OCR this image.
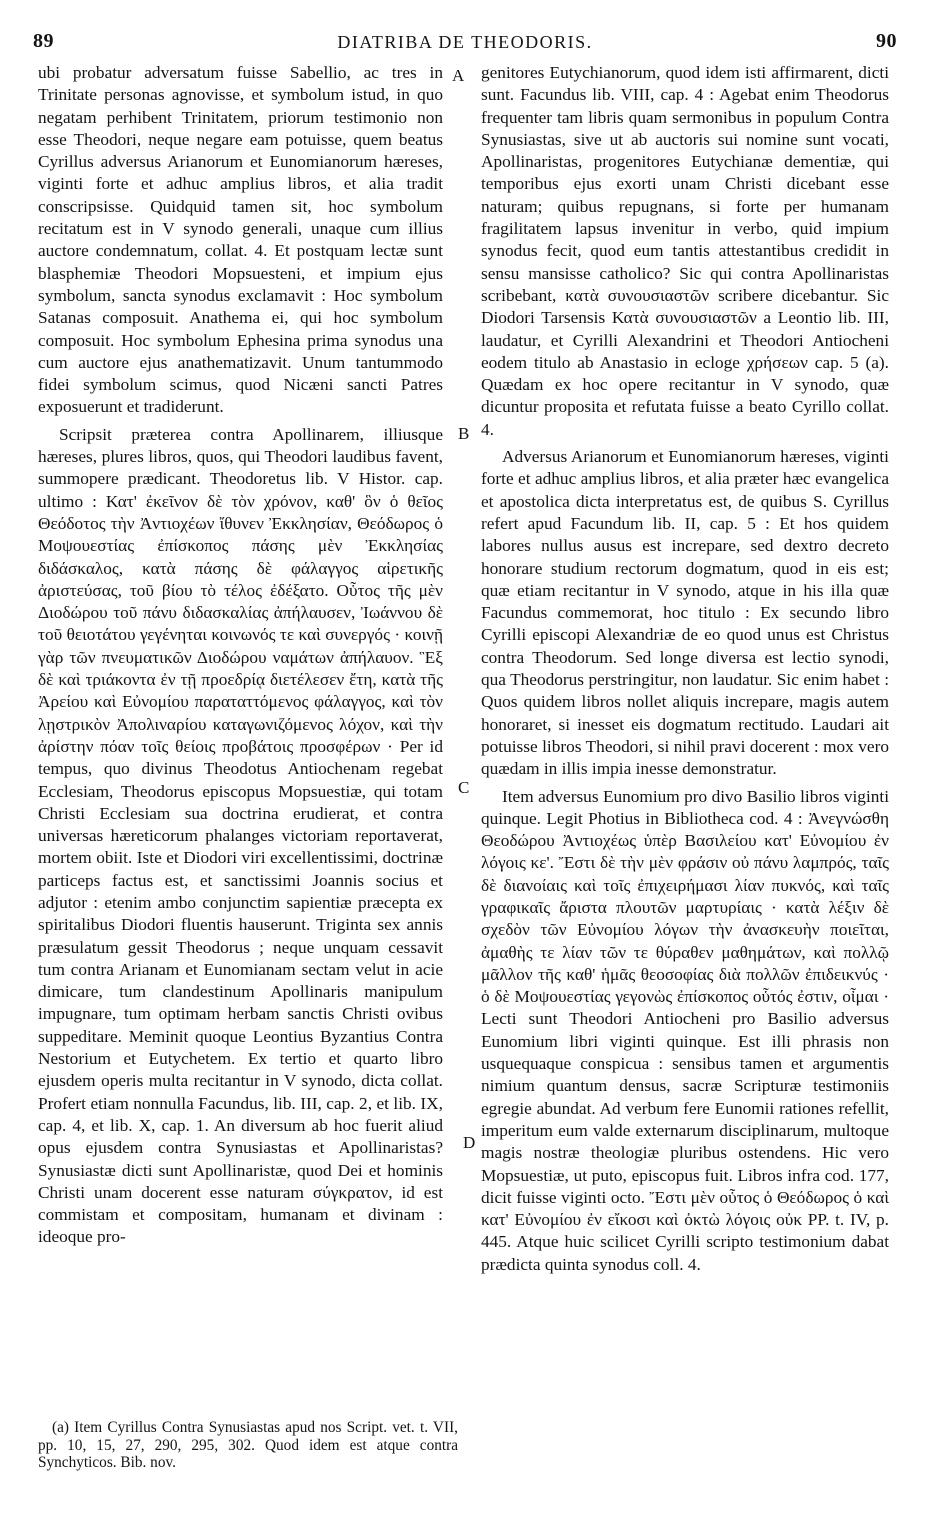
89	DIATRIBA DE THEODORIS.	90

ubi probatur adversatum fuisse Sabellio, ac tres in Trinitate personas agnovisse, et symbolum istud, in quo negatam perhibent Trinitatem, priorum testimonio non esse Theodori, neque negare eam potuisse, quem beatus Cyrillus adversus Arianorum et Eunomianorum hæreses, viginti forte et adhuc amplius libros, et alia tradit conscripsisse. Quidquid tamen sit, hoc symbolum recitatum est in V synodo generali, unaque cum illius auctore condemnatum, collat. 4. Et postquam lectæ sunt blasphemiæ Theodori Mopsuesteni, et impium ejus symbolum, sancta synodus exclamavit : Hoc symbolum Satanas composuit. Anathema ei, qui hoc symbolum composuit. Hoc symbolum Ephesina prima synodus una cum auctore ejus anathematizavit. Unum tantummodo fidei symbolum scimus, quod Nicæni sancti Patres exposuerunt et tradiderunt.

Scripsit præterea contra Apollinarem, illiusque hæreses, plures libros, quos, qui Theodori laudibus favent, summopere prædicant. Theodoretus lib. V Histor. cap. ultimo : Κατ' ἐκεῖνον δὲ τὸν χρόνον, καθ' ὃν ὁ θεῖος Θεόδοτος τὴν Ἀντιοχέων ἴθυνεν Ἐκκλησίαν, Θεόδωρος ὁ Μοψουεστίας ἐπίσκοπος πάσης μὲν Ἐκκλησίας διδάσκαλος, κατὰ πάσης δὲ φάλαγγος αἱρετικῆς ἀριστεύσας, τοῦ βίου τὸ τέλος ἐδέξατο. Οὗτος τῆς μὲν Διοδώρου τοῦ πάνυ διδασκαλίας ἀπήλαυσεν, Ἰωάννου δὲ τοῦ θειοτάτου γεγένηται κοινωνός τε καὶ συνεργός · κοινῇ γὰρ τῶν πνευματικῶν Διοδώρου ναμάτων ἀπήλαυον. Ἓξ δὲ καὶ τριάκοντα ἐν τῇ προεδρίᾳ διετέλεσεν ἔτη, κατὰ τῆς Ἀρείου καὶ Εὐνομίου παραταττόμενος φάλαγγος, καὶ τὸν λῃστρικὸν Ἀπολιναρίου καταγωνιζόμενος λόχον, καὶ τὴν ἀρίστην πόαν τοῖς θείοις προβάτοις προσφέρων · Per id tempus, quo divinus Theodotus Antiochenam regebat Ecclesiam, Theodorus episcopus Mopsuestiæ, qui totam Christi Ecclesiam sua doctrina erudierat, et contra universas hæreticorum phalanges victoriam reportaverat, mortem obiit. Iste et Diodori viri excellentissimi, doctrinæ particeps factus est, et sanctissimi Joannis socius et adjutor : etenim ambo conjunctim sapientiæ præcepta ex spiritalibus Diodori fluentis hauserunt. Triginta sex annis præsulatum gessit Theodorus ; neque unquam cessavit tum contra Arianam et Eunomianam sectam velut in acie dimicare, tum clandestinum Apollinaris manipulum impugnare, tum optimam herbam sanctis Christi ovibus suppeditare. Meminit quoque Leontius Byzantius Contra Nestorium et Eutychetem. Ex tertio et quarto libro ejusdem operis multa recitantur in V synodo, dicta collat. Profert etiam nonnulla Facundus, lib. III, cap. 2, et lib. IX, cap. 4, et lib. X, cap. 1. An diversum ab hoc fuerit aliud opus ejusdem contra Synusiastas et Apollinaristas? Synusiastæ dicti sunt Apollinaristæ, quod Dei et hominis Christi unam docerent esse naturam σύγκρατον, id est commistam et compositam, humanam et divinam : ideoque pro-

A
B
C
D

genitores Eutychianorum, quod idem isti affirmarent, dicti sunt. Facundus lib. VIII, cap. 4 : Agebat enim Theodorus frequenter tam libris quam sermonibus in populum Contra Synusiastas, sive ut ab auctoris sui nomine sunt vocati, Apollinaristas, progenitores Eutychianæ dementiæ, qui temporibus ejus exorti unam Christi dicebant esse naturam; quibus repugnans, si forte per humanam fragilitatem lapsus invenitur in verbo, quid impium synodus fecit, quod eum tantis attestantibus credidit in sensu mansisse catholico? Sic qui contra Apollinaristas scribebant, κατὰ συνουσιαστῶν scribere dicebantur. Sic Diodori Tarsensis Κατὰ συνουσιαστῶν a Leontio lib. III, laudatur, et Cyrilli Alexandrini et Theodori Antiocheni eodem titulo ab Anastasio in ecloge χρήσεων cap. 5 (a). Quædam ex hoc opere recitantur in V synodo, quæ dicuntur proposita et refutata fuisse a beato Cyrillo collat. 4.

Adversus Arianorum et Eunomianorum hæreses, viginti forte et adhuc amplius libros, et alia præter hæc evangelica et apostolica dicta interpretatus est, de quibus S. Cyrillus refert apud Facundum lib. II, cap. 5 : Et hos quidem labores nullus ausus est increpare, sed dextro decreto honorare studium rectorum dogmatum, quod in eis est; quæ etiam recitantur in V synodo, atque in his illa quæ Facundus commemorat, hoc titulo : Ex secundo libro Cyrilli episcopi Alexandriæ de eo quod unus est Christus contra Theodorum. Sed longe diversa est lectio synodi, qua Theodorus perstringitur, non laudatur. Sic enim habet : Quos quidem libros nollet aliquis increpare, magis autem honoraret, si inesset eis dogmatum rectitudo. Laudari ait potuisse libros Theodori, si nihil pravi docerent : mox vero quædam in illis impia inesse demonstratur.

Item adversus Eunomium pro divo Basilio libros viginti quinque. Legit Photius in Bibliotheca cod. 4 : Ἀνεγνώσθη Θεοδώρου Ἀντιοχέως ὑπὲρ Βασιλείου κατ' Εὐνομίου ἐν λόγοις κε'. Ἔστι δὲ τὴν μὲν φράσιν οὐ πάνυ λαμπρός, ταῖς δὲ διανοίαις καὶ τοῖς ἐπιχειρήμασι λίαν πυκνός, καὶ ταῖς γραφικαῖς ἄριστα πλουτῶν μαρτυρίαις · κατὰ λέξιν δὲ σχεδὸν τῶν Εὐνομίου λόγων τὴν ἀνασκευὴν ποιεῖται, ἀμαθὴς τε λίαν τῶν τε θύραθεν μαθημάτων, καὶ πολλῷ μᾶλλον τῆς καθ' ἡμᾶς θεοσοφίας διὰ πολλῶν ἐπιδεικνύς · ὁ δὲ Μοψουεστίας γεγονὼς ἐπίσκοπος οὗτός ἐστιν, οἶμαι · Lecti sunt Theodori Antiocheni pro Basilio adversus Eunomium libri viginti quinque. Est illi phrasis non usquequaque conspicua : sensibus tamen et argumentis nimium quantum densus, sacræ Scripturæ testimoniis egregie abundat. Ad verbum fere Eunomii rationes refellit, imperitum eum valde externarum disciplinarum, multoque magis nostræ theologiæ pluribus ostendens. Hic vero Mopsuestiæ, ut puto, episcopus fuit. Libros infra cod. 177, dicit fuisse viginti octo. Ἔστι μὲν οὗτος ὁ Θεόδωρος ὁ καὶ κατ' Εὐνομίου ἐν εἴκοσι καὶ ὀκτὼ λόγοις οὐκ PP. t. IV, p. 445. Atque huic scilicet Cyrilli scripto testimonium dabat prædicta quinta synodus coll. 4.

(a) Item Cyrillus Contra Synusiastas apud nos Script. vet. t. VII, pp. 10, 15, 27, 290, 295, 302. Quod idem est atque contra Synchyticos. Bib. nov.
